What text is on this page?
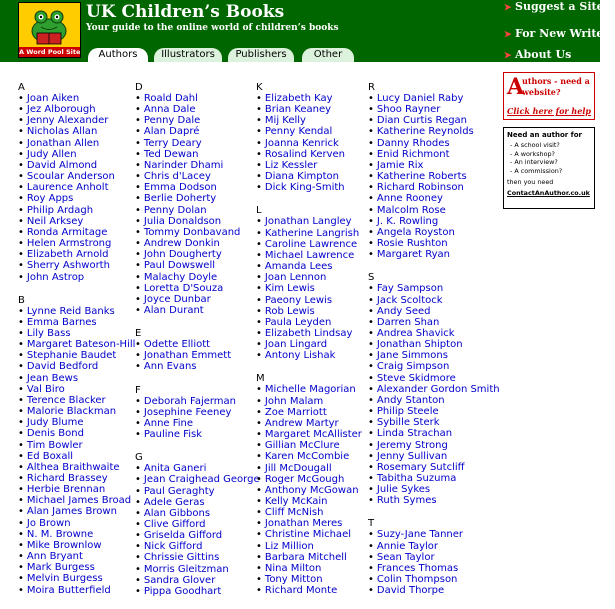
A Word Pool Site
UK Children’s Books
Your guide to the online world of children’s books
Authors	Illustrators	Publishers	Other
➤ Suggest a Site
➤ For New Writers
➤ About Us
A
• Joan Aiken
• Jez Alborough
• Jenny Alexander
• Nicholas Allan
• Jonathan Allen
• Judy Allen
• David Almond
• Scoular Anderson
• Laurence Anholt
• Roy Apps
• Philip Ardagh
• Neil Arksey
• Ronda Armitage
• Helen Armstrong
• Elizabeth Arnold
• Sherry Ashworth
• John Astrop
B
• Lynne Reid Banks
• Emma Barnes
• Lily Bass
• Margaret Bateson-Hill
• Stephanie Baudet
• David Bedford
• Jean Bews
• Val Biro
• Terence Blacker
• Malorie Blackman
• Judy Blume
• Denis Bond
• Tim Bowler
• Ed Boxall
• Althea Braithwaite
• Richard Brassey
• Herbie Brennan
• Michael James Broad
• Alan James Brown
• Jo Brown
• N. M. Browne
• Mike Brownlow
• Ann Bryant
• Mark Burgess
• Melvin Burgess
• Moira Butterfield
D
• Roald Dahl
• Anna Dale
• Penny Dale
• Alan Dapré
• Terry Deary
• Ted Dewan
• Narinder Dhami
• Chris d'Lacey
• Emma Dodson
• Berlie Doherty
• Penny Dolan
• Julia Donaldson
• Tommy Donbavand
• Andrew Donkin
• John Dougherty
• Paul Dowswell
• Malachy Doyle
• Loretta D'Souza
• Joyce Dunbar
• Alan Durant
E
• Odette Elliott
• Jonathan Emmett
• Ann Evans
F
• Deborah Fajerman
• Josephine Feeney
• Anne Fine
• Pauline Fisk
G
• Anita Ganeri
• Jean Craighead George
• Paul Geraghty
• Adele Geras
• Alan Gibbons
• Clive Gifford
• Griselda Gifford
• Nick Gifford
• Chrissie Gittins
• Morris Gleitzman
• Sandra Glover
• Pippa Goodhart
K
• Elizabeth Kay
• Brian Keaney
• Mij Kelly
• Penny Kendal
• Joanna Kenrick
• Rosalind Kerven
• Liz Kessler
• Diana Kimpton
• Dick King-Smith
L
• Jonathan Langley
• Katherine Langrish
• Caroline Lawrence
• Michael Lawrence
• Amanda Lees
• Joan Lennon
• Kim Lewis
• Paeony Lewis
• Rob Lewis
• Paula Leyden
• Elizabeth Lindsay
• Joan Lingard
• Antony Lishak
M
• Michelle Magorian
• John Malam
• Zoe Marriott
• Andrew Martyr
• Margaret McAllister
• Gillian McClure
• Karen McCombie
• Jill McDougall
• Roger McGough
• Anthony McGowan
• Kelly McKain
• Cliff McNish
• Jonathan Meres
• Christine Michael
• Liz Million
• Barbara Mitchell
• Nina Milton
• Tony Mitton
• Richard Monte
R
• Lucy Daniel Raby
• Shoo Rayner
• Dian Curtis Regan
• Katherine Reynolds
• Danny Rhodes
• Enid Richmont
• Jamie Rix
• Katherine Roberts
• Richard Robinson
• Anne Rooney
• Malcolm Rose
• J. K. Rowling
• Angela Royston
• Rosie Rushton
• Margaret Ryan
S
• Fay Sampson
• Jack Scoltock
• Andy Seed
• Darren Shan
• Andrea Shavick
• Jonathan Shipton
• Jane Simmons
• Craig Simpson
• Steve Skidmore
• Alexander Gordon Smith
• Andy Stanton
• Philip Steele
• Sybille Sterk
• Linda Strachan
• Jeremy Strong
• Jenny Sullivan
• Rosemary Sutcliff
• Tabitha Suzuma
• Julie Sykes
• Ruth Symes
T
• Suzy-Jane Tanner
• Annie Taylor
• Sean Taylor
• Frances Thomas
• Colin Thompson
• David Thorpe
A
uthors - need a website?
Click here for help
Need an author for
- A school visit?
- A workshop?
- An interview?
- A commission?
then you need
ContactAnAuthor.co.uk
